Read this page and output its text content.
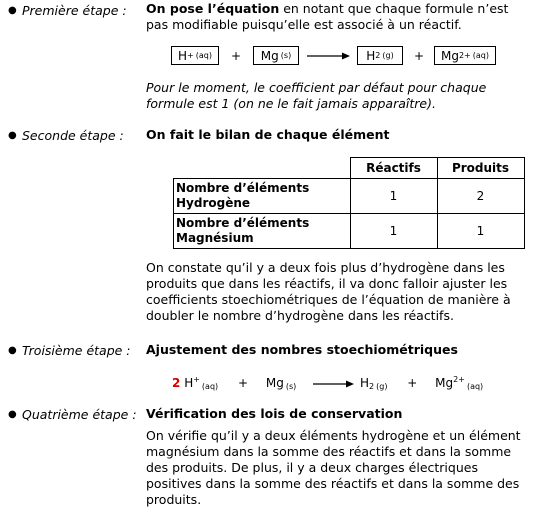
● Première étape : On pose l’équation en notant que chaque formule n’est pas modifiable puisqu’elle est associé à un réactif.
H + (aq) + Mg (s) → H 2 (g) + Mg 2+ (aq)
Pour le moment, le coefficient par défaut pour chaque formule est 1 (on ne le fait jamais apparaître).
● Seconde étape : On fait le bilan de chaque élément
	Réactifs	Produits
Nombre d’éléments
Hydrogène	1	2
Nombre d’éléments
Magnésium	1	1
On constate qu’il y a deux fois plus d’hydrogène dans les produits que dans les réactifs, il va donc falloir ajuster les coefficients stoechiométriques de l’équation de manière à doubler le nombre d’hydrogène dans les réactifs.
● Troisième étape : Ajustement des nombres stoechiométriques
2 $H^+_{(aq)} + Mg$ $_{(s)} \to H_2$ $_{(g)} + Mg^{2+}_{(aq)}$
● Quatrième étape : Vérification des lois de conservation
On vérifie qu’il y a deux éléments hydrogène et un élément magnésium dans la somme des réactifs et dans la somme des produits. De plus, il y a deux charges électriques positives dans la somme des réactifs et dans la somme des produits.
